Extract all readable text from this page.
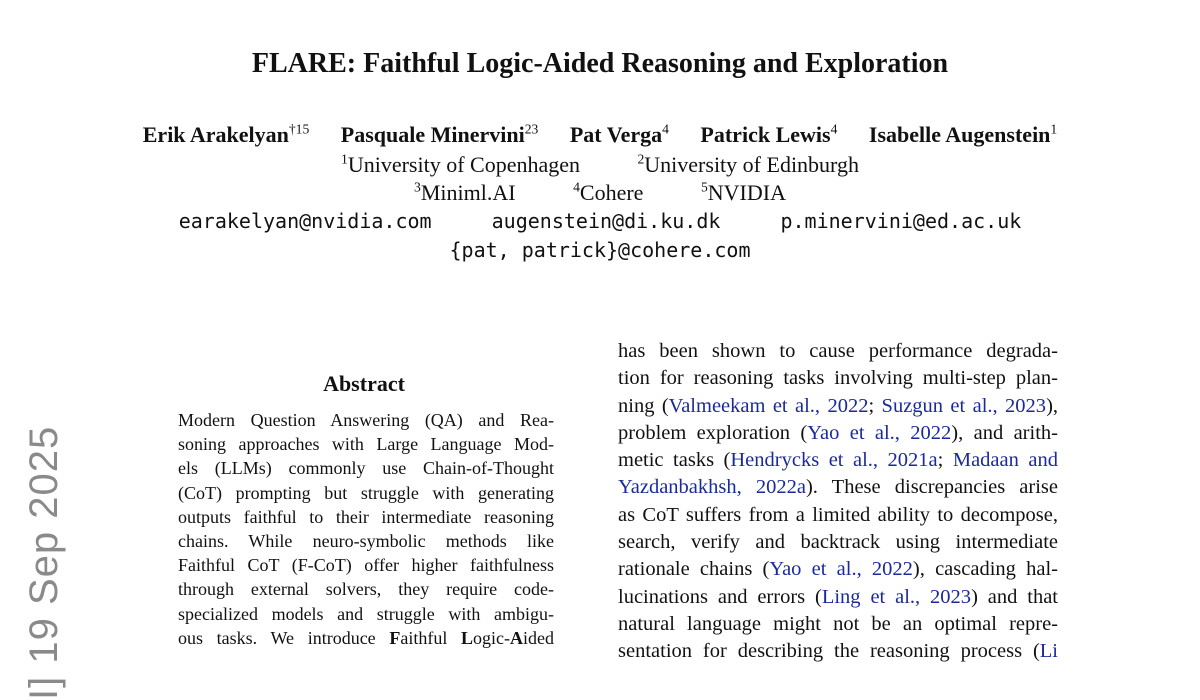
FLARE: Faithful Logic-Aided Reasoning and Exploration
Erik Arakelyan$^{\dagger 15}$ Pasquale Minervini$^{23}$ Pat Verga$^4$ Patrick Lewis$^4$ Isabelle Augenstein$^1$
$^1$University of Copenhagen	$^2$University of Edinburgh
$^3$Miniml.AI	$^4$Cohere	$^5$NVIDIA
earakelyan@nvidia.com	augenstein@di.ku.dk	p.minervini@ed.ac.uk
{pat, patrick}@cohere.com
I] 19 Sep 2025
Abstract
Modern Question Answering (QA) and Rea-
soning approaches with Large Language Mod-
els (LLMs) commonly use Chain-of-Thought
(CoT) prompting but struggle with generating
outputs faithful to their intermediate reasoning
chains. While neuro-symbolic methods like
Faithful CoT (F-CoT) offer higher faithfulness
through external solvers, they require code-
specialized models and struggle with ambigu-
ous tasks. We introduce Faithful Logic-Aided
has been shown to cause performance degrada-
tion for reasoning tasks involving multi-step plan-
ning (Valmeekam et al., 2022; Suzgun et al., 2023),
problem exploration (Yao et al., 2022), and arith-
metic tasks (Hendrycks et al., 2021a; Madaan and
Yazdanbakhsh, 2022a). These discrepancies arise
as CoT suffers from a limited ability to decompose,
search, verify and backtrack using intermediate
rationale chains (Yao et al., 2022), cascading hal-
lucinations and errors (Ling et al., 2023) and that
natural language might not be an optimal repre-
sentation for describing the reasoning process (Li
